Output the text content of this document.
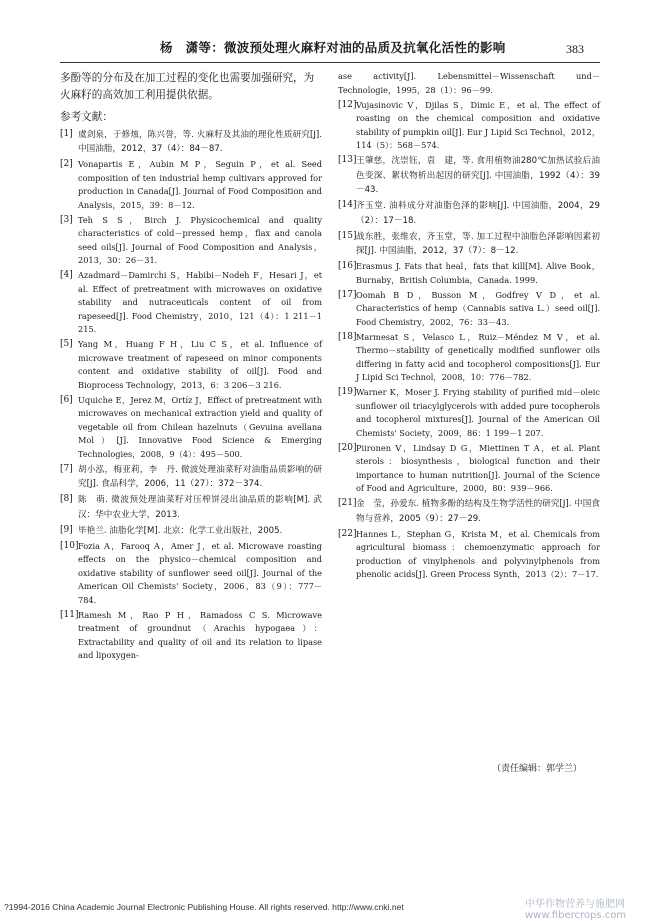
杨　潇等：微波预处理火麻籽对油的品质及抗氧化活性的影响	383
多酚等的分布及在加工过程的变化也需要加强研究，为火麻籽的高效加工利用提供依据。
参考文献：
[1] 虞剑泉，于修烛，陈兴誉，等. 火麻籽及其油的理化性质研究[J]. 中国油脂，2012，37（4）：84－87.
[2] Vonapartis E，Aubin M P，Seguin P，et al. Seed composition of ten industrial hemp cultivars approved for production in Canada[J]. Journal of Food Composition and Analysis，2015，39：8－12.
[3] Teh S S，Birch J. Physicochemical and quality characteristics of cold－pressed hemp，flax and canola seed oils[J]. Journal of Food Composition and Analysis，2013，30：26－31.
[4] Azadmard－Damirchi S，Habibi－Nodeh F，Hesari J，et al. Effect of pretreatment with microwaves on oxidative stability and nutraceuticals content of oil from rapeseed[J]. Food Chemistry，2010，121（4）：1 211－1 215.
[5] Yang M，Huang F H，Liu C S，et al. Influence of microwave treatment of rapeseed on minor components content and oxidative stability of oil[J]. Food and Bioprocess Technology，2013，6：3 206－3 216.
[6] Uquiche E，Jerez M，Ortíz J，Effect of pretreatment with microwaves on mechanical extraction yield and quality of vegetable oil from Chilean hazelnuts（Gevuina avellana Mol）[J]. Innovative Food Science & Emerging Technologies，2008，9（4）：495－500.
[7] 胡小泓，梅亚莉，李　丹. 微波处理油菜籽对油脂品质影响的研究[J]. 食品科学，2006，11（27）：372－374.
[8] 陈　萌. 微波预处理油菜籽对压榨饼浸出油品质的影响[M]. 武汉：华中农业大学，2013.
[9] 毕艳兰. 油脂化学[M]. 北京：化学工业出版社，2005.
[10] Fozia A，Farooq A，Amer J，et al. Microwave roasting effects on the physico－chemical composition and oxidative stability of sunflower seed oil[J]. Journal of the American Oil Chemists' Society，2006，83（9）：777－784.
[11] Ramesh M，Rao P H，Ramadoss C S. Microwave treatment of groundnut（Arachis hypogaea）：Extractability and quality of oil and its relation to lipase and lipoxygen-
ase activity[J]. Lebensmittel－Wissenschaft und－Technologie，1995，28（1）：96－99.
[12] Vujasinovic V，Djilas S，Dimic E，et al. The effect of roasting on the chemical composition and oxidative stability of pumpkin oil[J]. Eur J Lipid Sci Technol，2012，114（5）：568－574.
[13] 王肇慈，沈崇钰，袁　建，等. 食用植物油280℃加热试验后油色变深、絮状物析出起因的研究[J]. 中国油脂，1992（4）：39－43.
[14] 齐玉堂. 油料成分对油脂色泽的影响[J]. 中国油脂，2004，29（2）：17－18.
[15] 战东胜，张维农，齐玉堂，等. 加工过程中油脂色泽影响因素初探[J]. 中国油脂，2012，37（7）：8－12.
[16] Erasmus J. Fats that heal，fats that kill[M]. Alive Book，Burnaby，British Columbia，Canada. 1999.
[17] Oomah B D，Busson M，Godfrey V D，et al. Characteristics of hemp（Cannabis sativa L.）seed oil[J]. Food Chemistry，2002，76：33－43.
[18] Marmesat S，Velasco L，Ruiz－Méndez M V，et al. Thermo－stability of genetically modified sunflower oils differing in fatty acid and tocopherol compositions[J]. Eur J Lipid Sci Technol，2008，10：776－782.
[19] Warner K，Moser J. Frying stability of purified mid－oleic sunflower oil triacylglycerols with added pure tocopherols and tocopherol mixtures[J]. Journal of the American Oil Chemists' Society，2009，86：1 199－1 207.
[20] Piironen V，Lindsay D G，Miettinen T A，et al. Plant sterols：biosynthesis，biological function and their importance to human nutrition[J]. Journal of the Science of Food and Agriculture，2000，80：939－966.
[21] 金　莹，孙爱东. 植物多酚的结构及生物学活性的研究[J]. 中国食物与营养，2005（9）：27－29.
[22] Hannes L，Stephan G，Krista M，et al. Chemicals from agricultural biomass：chemoenzymatic approach for production of vinylphenols and polyvinylphenols from phenolic acids[J]. Green Process Synth，2013（2）：7－17.
（责任编辑：郭学兰）
?1994-2016 China Academic Journal Electronic Publishing House. All rights reserved. http://www.cnki.net	中华作物营养与施肥网 www.fibercrops.com
